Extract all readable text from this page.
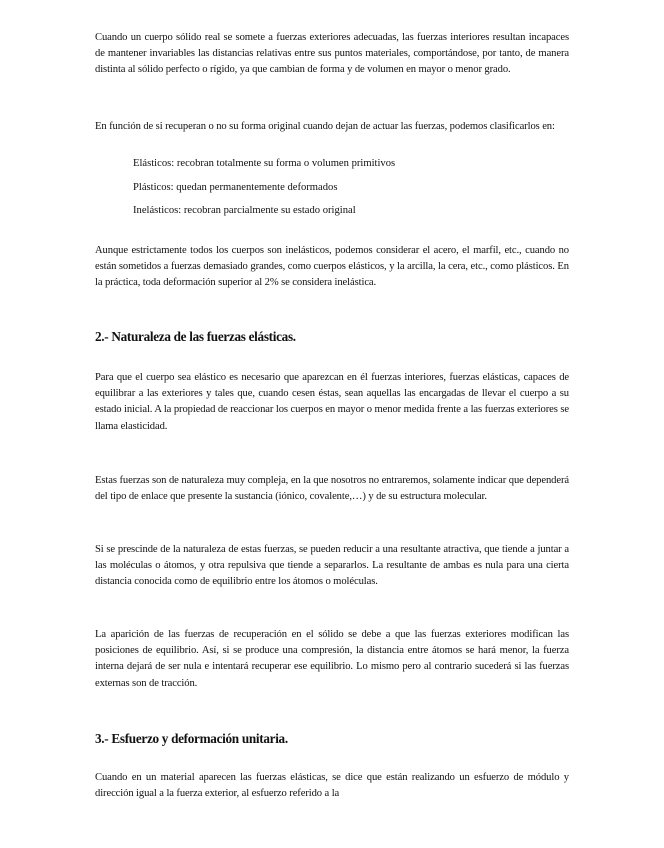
Cuando un cuerpo sólido real se somete a fuerzas exteriores adecuadas, las fuerzas interiores resultan incapaces de mantener invariables las distancias relativas entre sus puntos materiales, comportándose, por tanto, de manera distinta al sólido perfecto o rígido, ya que cambian de forma y de volumen en mayor o menor grado.

En función de si recuperan o no su forma original cuando dejan de actuar las fuerzas, podemos clasificarlos en:

Elásticos: recobran totalmente su forma o volumen primitivos
Plásticos: quedan permanentemente deformados
Inelásticos: recobran parcialmente su estado original

Aunque estrictamente todos los cuerpos son inelásticos, podemos considerar el acero, el marfil, etc., cuando no están sometidos a fuerzas demasiado grandes, como cuerpos elásticos, y la arcilla, la cera, etc., como plásticos. En la práctica, toda deformación superior al 2% se considera inelástica.

2.- Naturaleza de las fuerzas elásticas.

Para que el cuerpo sea elástico es necesario que aparezcan en él fuerzas interiores, fuerzas elásticas, capaces de equilibrar a las exteriores y tales que, cuando cesen éstas, sean aquellas las encargadas de llevar el cuerpo a su estado inicial. A la propiedad de reaccionar los cuerpos en mayor o menor medida frente a las fuerzas exteriores se llama elasticidad.

Estas fuerzas son de naturaleza muy compleja, en la que nosotros no entraremos, solamente indicar que dependerá del tipo de enlace que presente la sustancia (iónico, covalente,…) y de su estructura molecular.

Si se prescinde de la naturaleza de estas fuerzas, se pueden reducir a una resultante atractiva, que tiende a juntar a las moléculas o átomos, y otra repulsiva que tiende a separarlos. La resultante de ambas es nula para una cierta distancia conocida como de equilibrio entre los átomos o moléculas.

La aparición de las fuerzas de recuperación en el sólido se debe a que las fuerzas exteriores modifican las posiciones de equilibrio. Así, si se produce una compresión, la distancia entre átomos se hará menor, la fuerza interna dejará de ser nula e intentará recuperar ese equilibrio. Lo mismo pero al contrario sucederá si las fuerzas externas son de tracción.

3.- Esfuerzo y deformación unitaria.

Cuando en un material aparecen las fuerzas elásticas, se dice que están realizando un esfuerzo de módulo y dirección igual a la fuerza exterior, al esfuerzo referido a la
